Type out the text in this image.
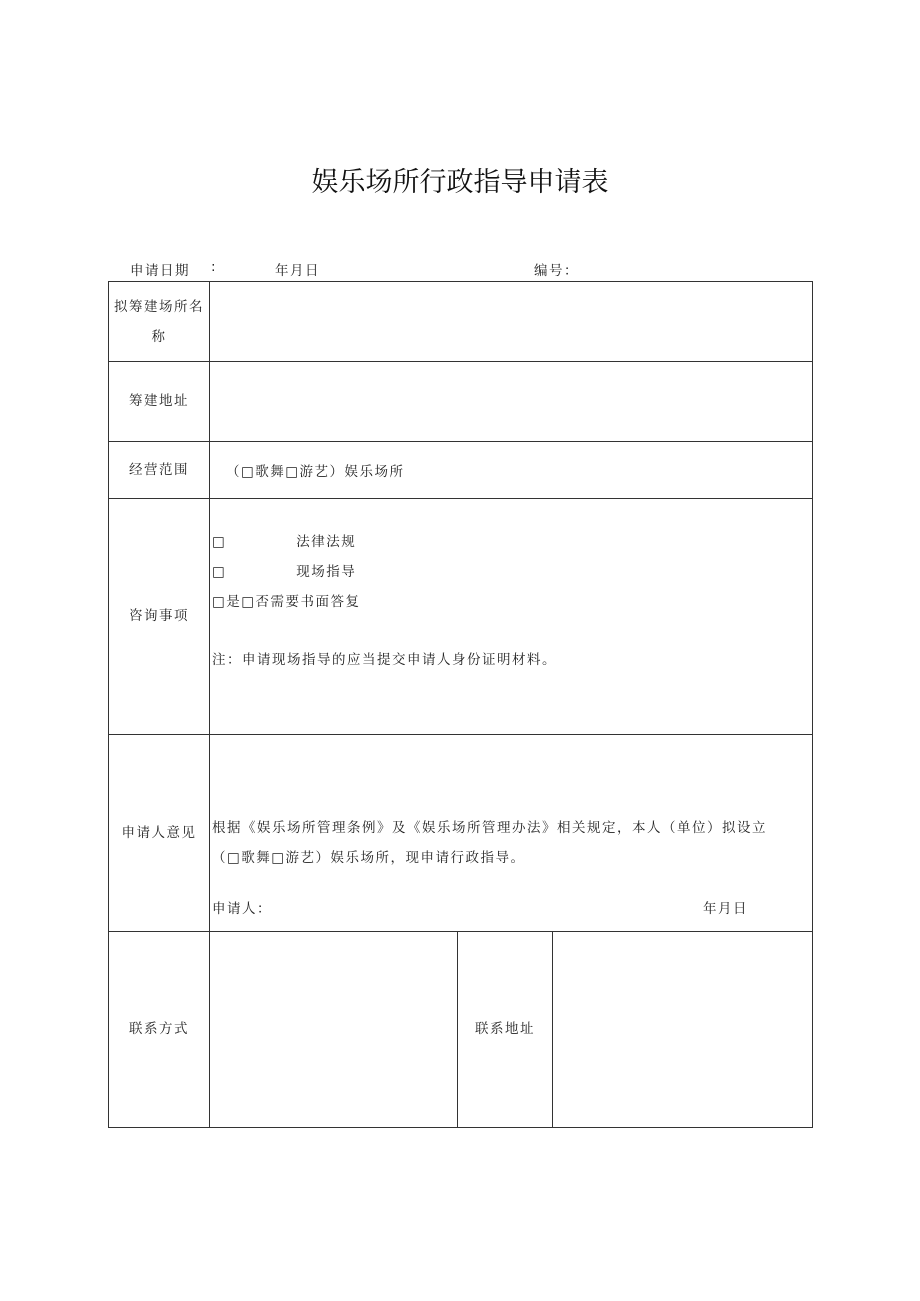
娱乐场所行政指导申请表
申请日期 :	年月日	编号：
拟筹建场所名
称			

筹建地址			
经营范围	（□歌舞□游艺）娱乐场所		
咨询事项	□ 法律法规
□ 现场指导
□是□否需要书面答复
注：申请现场指导的应当提交申请人身份证明材料。		

申请人意见	根据《娱乐场所管理条例》及《娱乐场所管理办法》相关规定，本人（单位）拟设立
（□歌舞□游艺）娱乐场所，现申请行政指导。
申请人： 年月日		

联系方式		联系地址	
